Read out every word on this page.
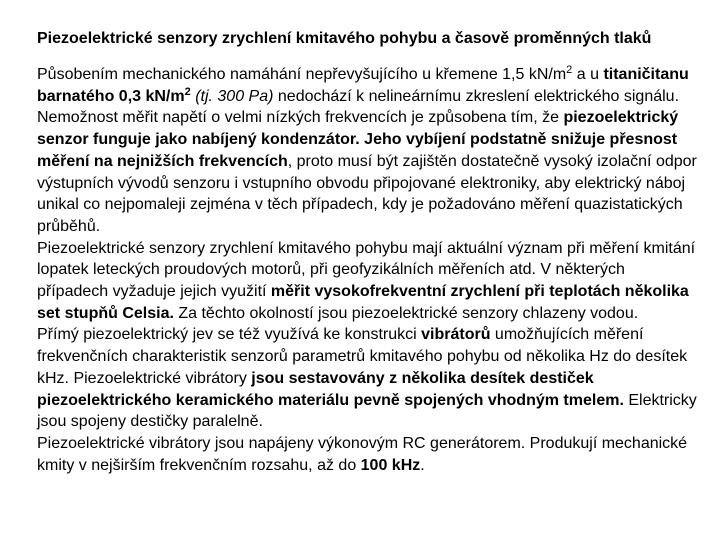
Piezoelektrické senzory zrychlení kmitavého pohybu a časově proměnných tlaků

Působením mechanického namáhání nepřevyšujícího u křemene 1,5 $kN/m^2$ a u titaničitanu barnatého 0,3 $kN/m^2$ (tj. 300 Pa) nedochází k nelineárnímu zkreslení elektrického signálu.

Nemožnost měřit napětí o velmi nízkých frekvencích je způsobena tím, že piezoelektrický senzor funguje jako nabíjený kondenzátor. Jeho vybíjení podstatně snižuje přesnost měření na nejnižších frekvencích, proto musí být zajištěn dostatečně vysoký izolační odpor výstupních vývodů senzoru i vstupního obvodu připojované elektroniky, aby elektrický náboj unikal co nejpomaleji zejména v těch případech, kdy je požadováno měření quazistatických průběhů.

Piezoelektrické senzory zrychlení kmitavého pohybu mají aktuální význam při měření kmitání lopatek leteckých proudových motorů, při geofyzikálních měřeních atd. V některých případech vyžaduje jejich využití měřit vysokofrekventní zrychlení při teplotách několika set stupňů Celsia. Za těchto okolností jsou piezoelektrické senzory chlazeny vodou.

Přímý piezoelektrický jev se též využívá ke konstrukci vibrátorů umožňujících měření frekvenčních charakteristik senzorů parametrů kmitavého pohybu od několika Hz do desítek kHz. Piezoelektrické vibrátory jsou sestavovány z několika desítek destiček piezoelektrického keramického materiálu pevně spojených vhodným tmelem. Elektricky jsou spojeny destičky paralelně.

Piezoelektrické vibrátory jsou napájeny výkonovým RC generátorem. Produkují mechanické kmity v nejširším frekvenčním rozsahu, až do 100 kHz.
